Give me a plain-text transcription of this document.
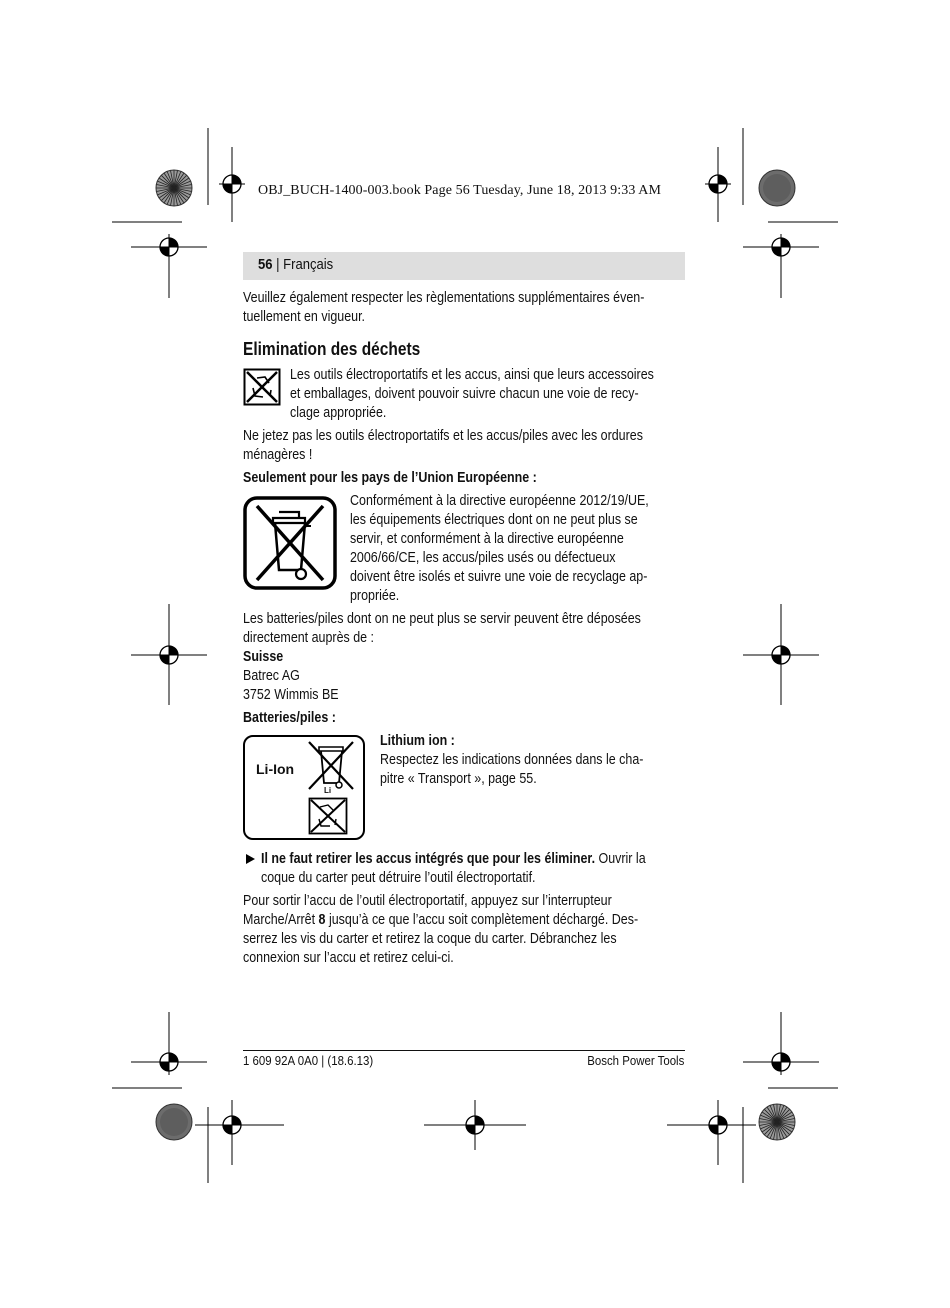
OBJ_BUCH-1400-003.book Page 56 Tuesday, June 18, 2013 9:33 AM
56 | Français
Veuillez également respecter les règlementations supplémentaires éven-
tuellement en vigueur.
Elimination des déchets
Les outils électroportatifs et les accus, ainsi que leurs accessoires
et emballages, doivent pouvoir suivre chacun une voie de recy-
clage appropriée.
Ne jetez pas les outils électroportatifs et les accus/piles avec les ordures
ménagères !
Seulement pour les pays de l’Union Européenne :
Conformément à la directive européenne 2012/19/UE,
les équipements électriques dont on ne peut plus se
servir, et conformément à la directive européenne
2006/66/CE, les accus/piles usés ou défectueux
doivent être isolés et suivre une voie de recyclage ap-
propriée.
Les batteries/piles dont on ne peut plus se servir peuvent être déposées
directement auprès de :
Suisse
Batrec AG
3752 Wimmis BE
Batteries/piles :
Li-Ion
Li
Lithium ion :
Respectez les indications données dans le cha-
pitre « Transport », page 55.
Il ne faut retirer les accus intégrés que pour les éliminer. Ouvrir la
coque du carter peut détruire l’outil électroportatif.
Pour sortir l’accu de l’outil électroportatif, appuyez sur l’interrupteur
Marche/Arrêt 8 jusqu’à ce que l’accu soit complètement déchargé. Des-
serrez les vis du carter et retirez la coque du carter. Débranchez les
connexion sur l’accu et retirez celui-ci.
1 609 92A 0A0 | (18.6.13)	Bosch Power Tools
